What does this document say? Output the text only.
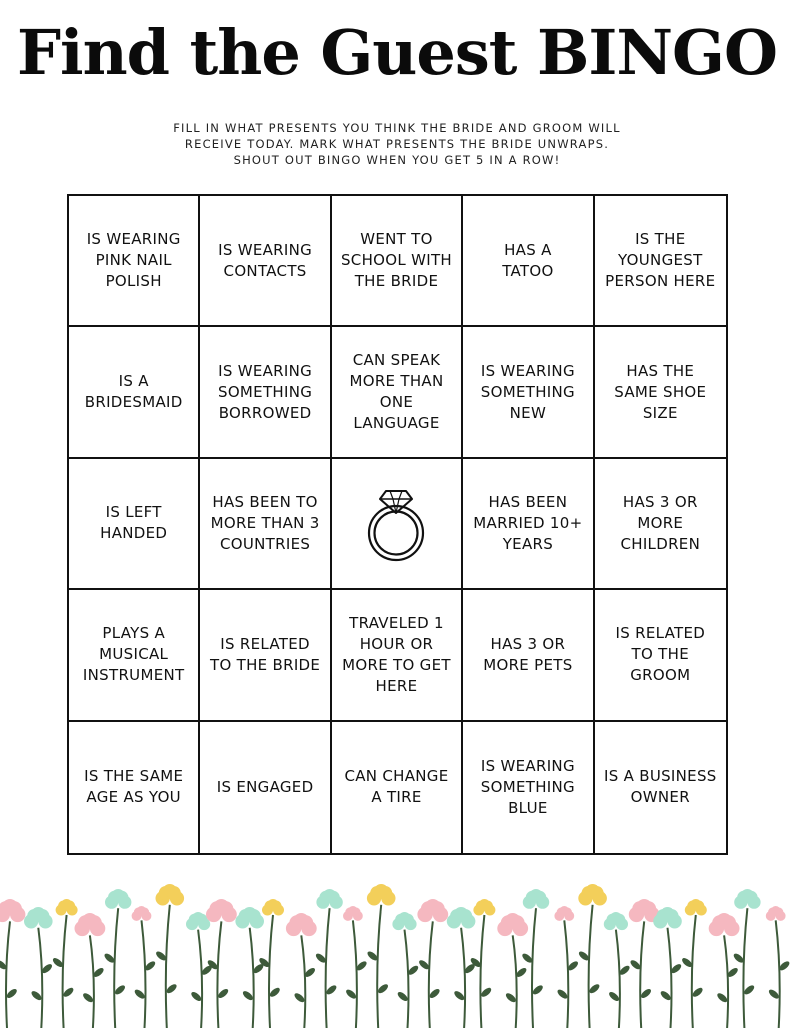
Find the Guest BINGO
FILL IN WHAT PRESENTS YOU THINK THE BRIDE AND GROOM WILL
RECEIVE TODAY. MARK WHAT PRESENTS THE BRIDE UNWRAPS.
SHOUT OUT BINGO WHEN YOU GET 5 IN A ROW!
IS WEARING
PINK NAIL
POLISH
IS WEARING
CONTACTS
WENT TO
SCHOOL WITH
THE BRIDE
HAS A
TATOO
IS THE
YOUNGEST
PERSON HERE
IS A
BRIDESMAID
IS WEARING
SOMETHING
BORROWED
CAN SPEAK
MORE THAN
ONE
LANGUAGE
IS WEARING
SOMETHING
NEW
HAS THE
SAME SHOE
SIZE
IS LEFT
HANDED
HAS BEEN TO
MORE THAN 3
COUNTRIES
HAS BEEN
MARRIED 10+
YEARS
HAS 3 OR
MORE
CHILDREN
PLAYS A
MUSICAL
INSTRUMENT
IS RELATED
TO THE BRIDE
TRAVELED 1
HOUR OR
MORE TO GET
HERE
HAS 3 OR
MORE PETS
IS RELATED
TO THE
GROOM
IS THE SAME
AGE AS YOU
IS ENGAGED
CAN CHANGE
A TIRE
IS WEARING
SOMETHING
BLUE
IS A BUSINESS
OWNER
